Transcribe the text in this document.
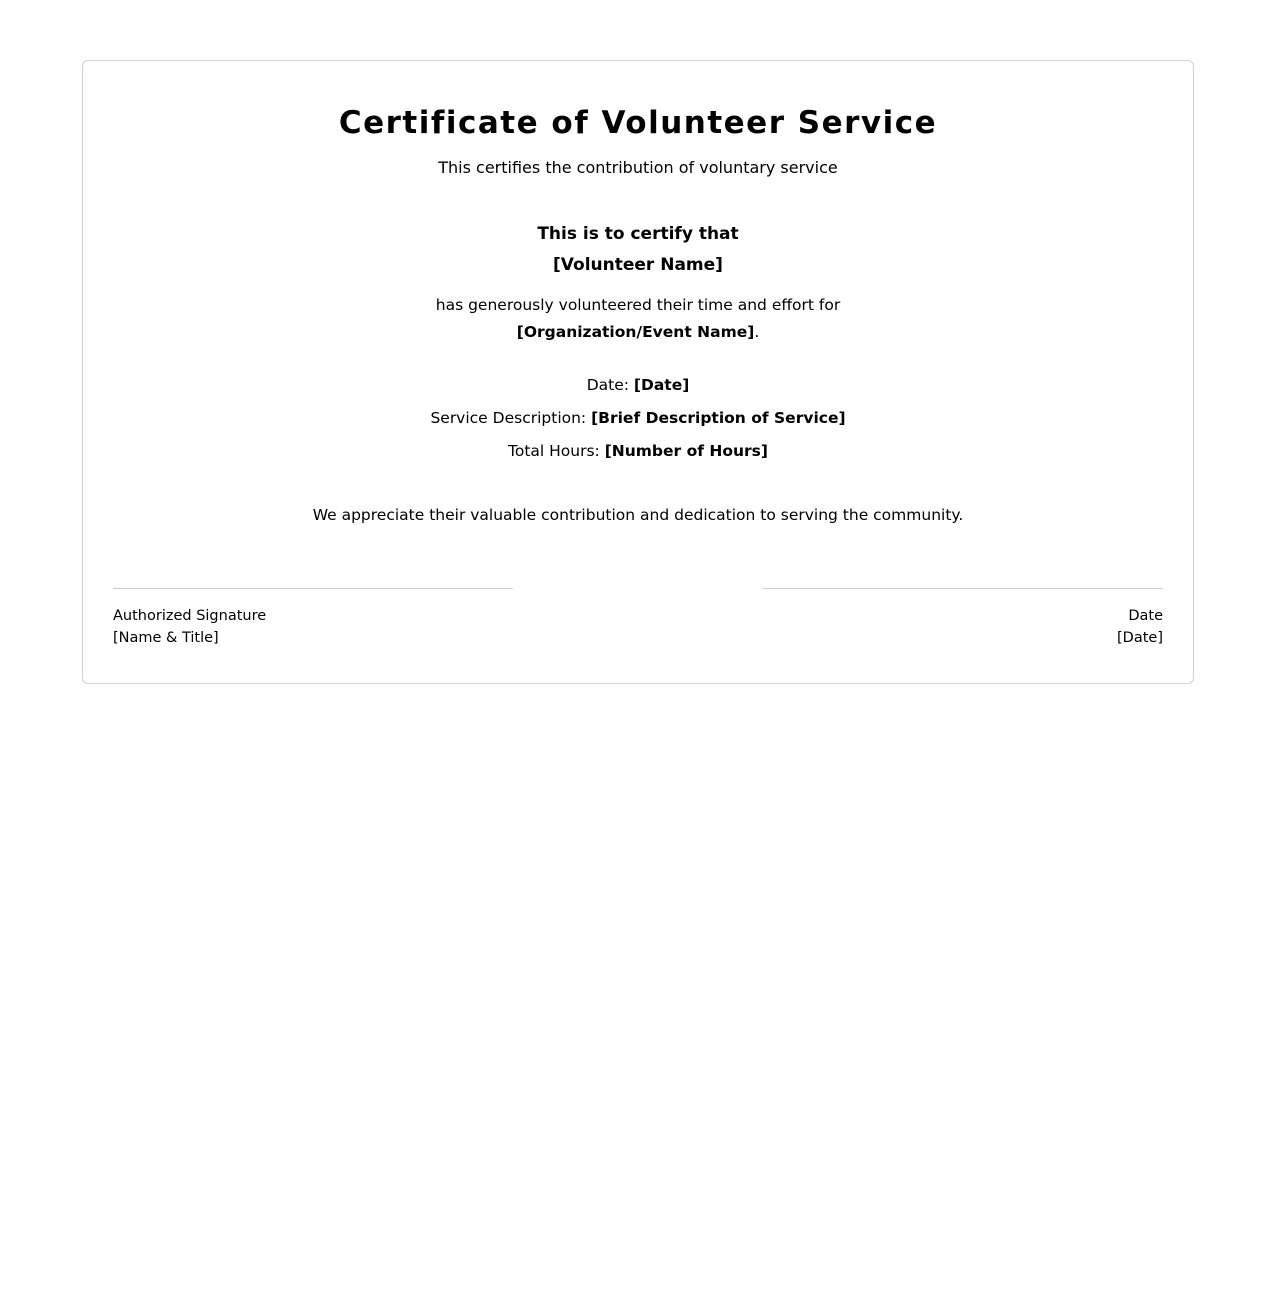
Certificate of Volunteer Service
This certifies the contribution of voluntary service
This is to certify that
[Volunteer Name]
has generously volunteered their time and effort for
[Organization/Event Name].
Date: [Date]
Service Description: [Brief Description of Service]
Total Hours: [Number of Hours]
We appreciate their valuable contribution and dedication to serving the community.
Authorized Signature
[Name & Title]
Date
[Date]
